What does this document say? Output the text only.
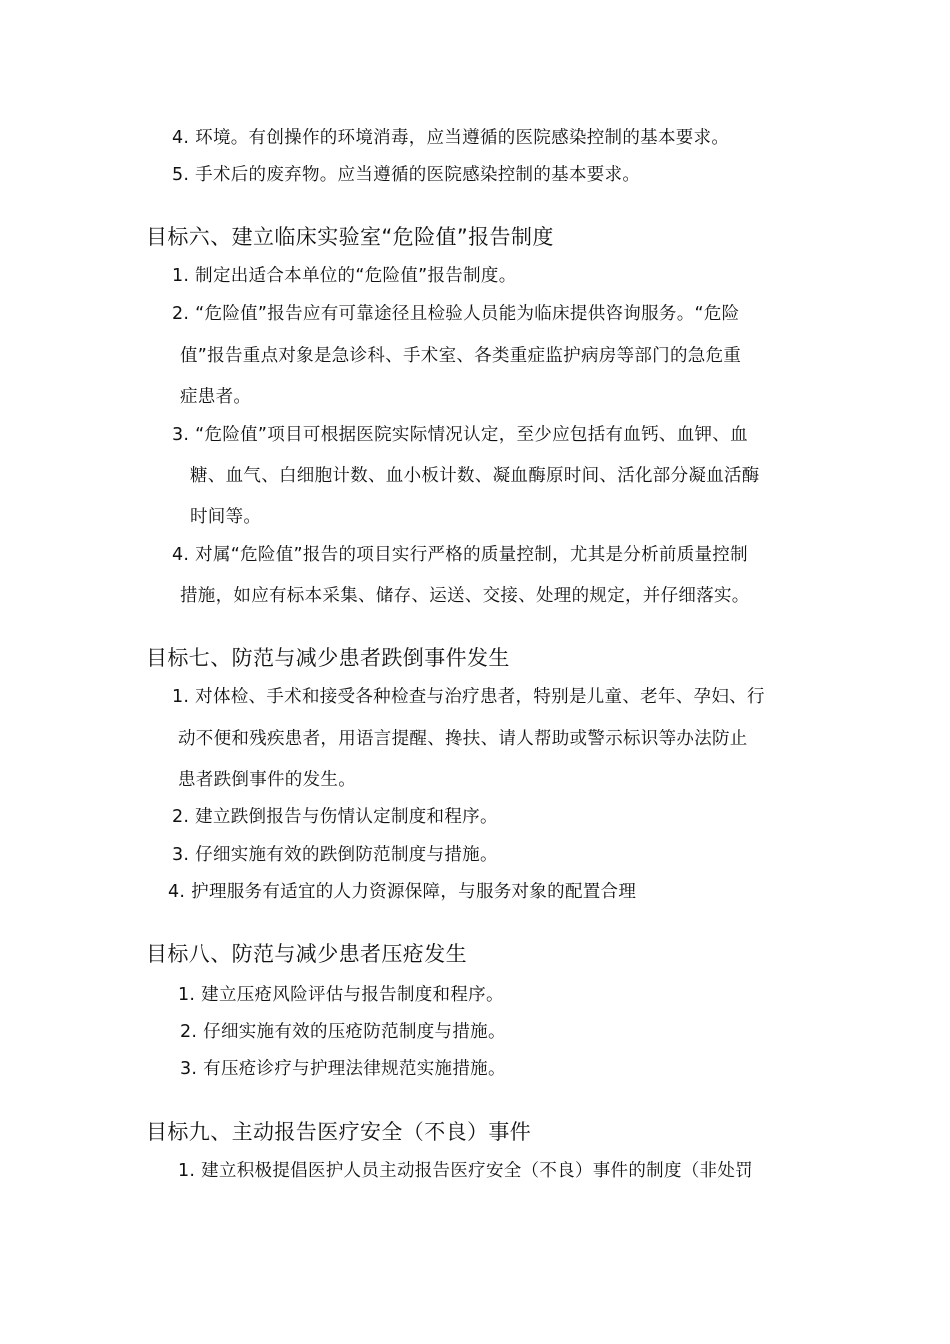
4. 环境。有创操作的环境消毒，应当遵循的医院感染控制的基本要求。
5. 手术后的废弃物。应当遵循的医院感染控制的基本要求。
目标六、建立临床实验室“危险值”报告制度
1. 制定出适合本单位的“危险值”报告制度。
2. “危险值”报告应有可靠途径且检验人员能为临床提供咨询服务。“危险
值”报告重点对象是急诊科、手术室、各类重症监护病房等部门的急危重
症患者。
3. “危险值”项目可根据医院实际情况认定，至少应包括有血钙、血钾、血
糖、血气、白细胞计数、血小板计数、凝血酶原时间、活化部分凝血活酶
时间等。
4. 对属“危险值”报告的项目实行严格的质量控制，尤其是分析前质量控制
措施，如应有标本采集、储存、运送、交接、处理的规定，并仔细落实。
目标七、防范与减少患者跌倒事件发生
1. 对体检、手术和接受各种检查与治疗患者，特别是儿童、老年、孕妇、行
动不便和残疾患者，用语言提醒、搀扶、请人帮助或警示标识等办法防止
患者跌倒事件的发生。
2. 建立跌倒报告与伤情认定制度和程序。
3. 仔细实施有效的跌倒防范制度与措施。
4. 护理服务有适宜的人力资源保障，与服务对象的配置合理
目标八、防范与减少患者压疮发生
1. 建立压疮风险评估与报告制度和程序。
2. 仔细实施有效的压疮防范制度与措施。
3. 有压疮诊疗与护理法律规范实施措施。
目标九、主动报告医疗安全（不良）事件
1. 建立积极提倡医护人员主动报告医疗安全（不良）事件的制度（非处罚
